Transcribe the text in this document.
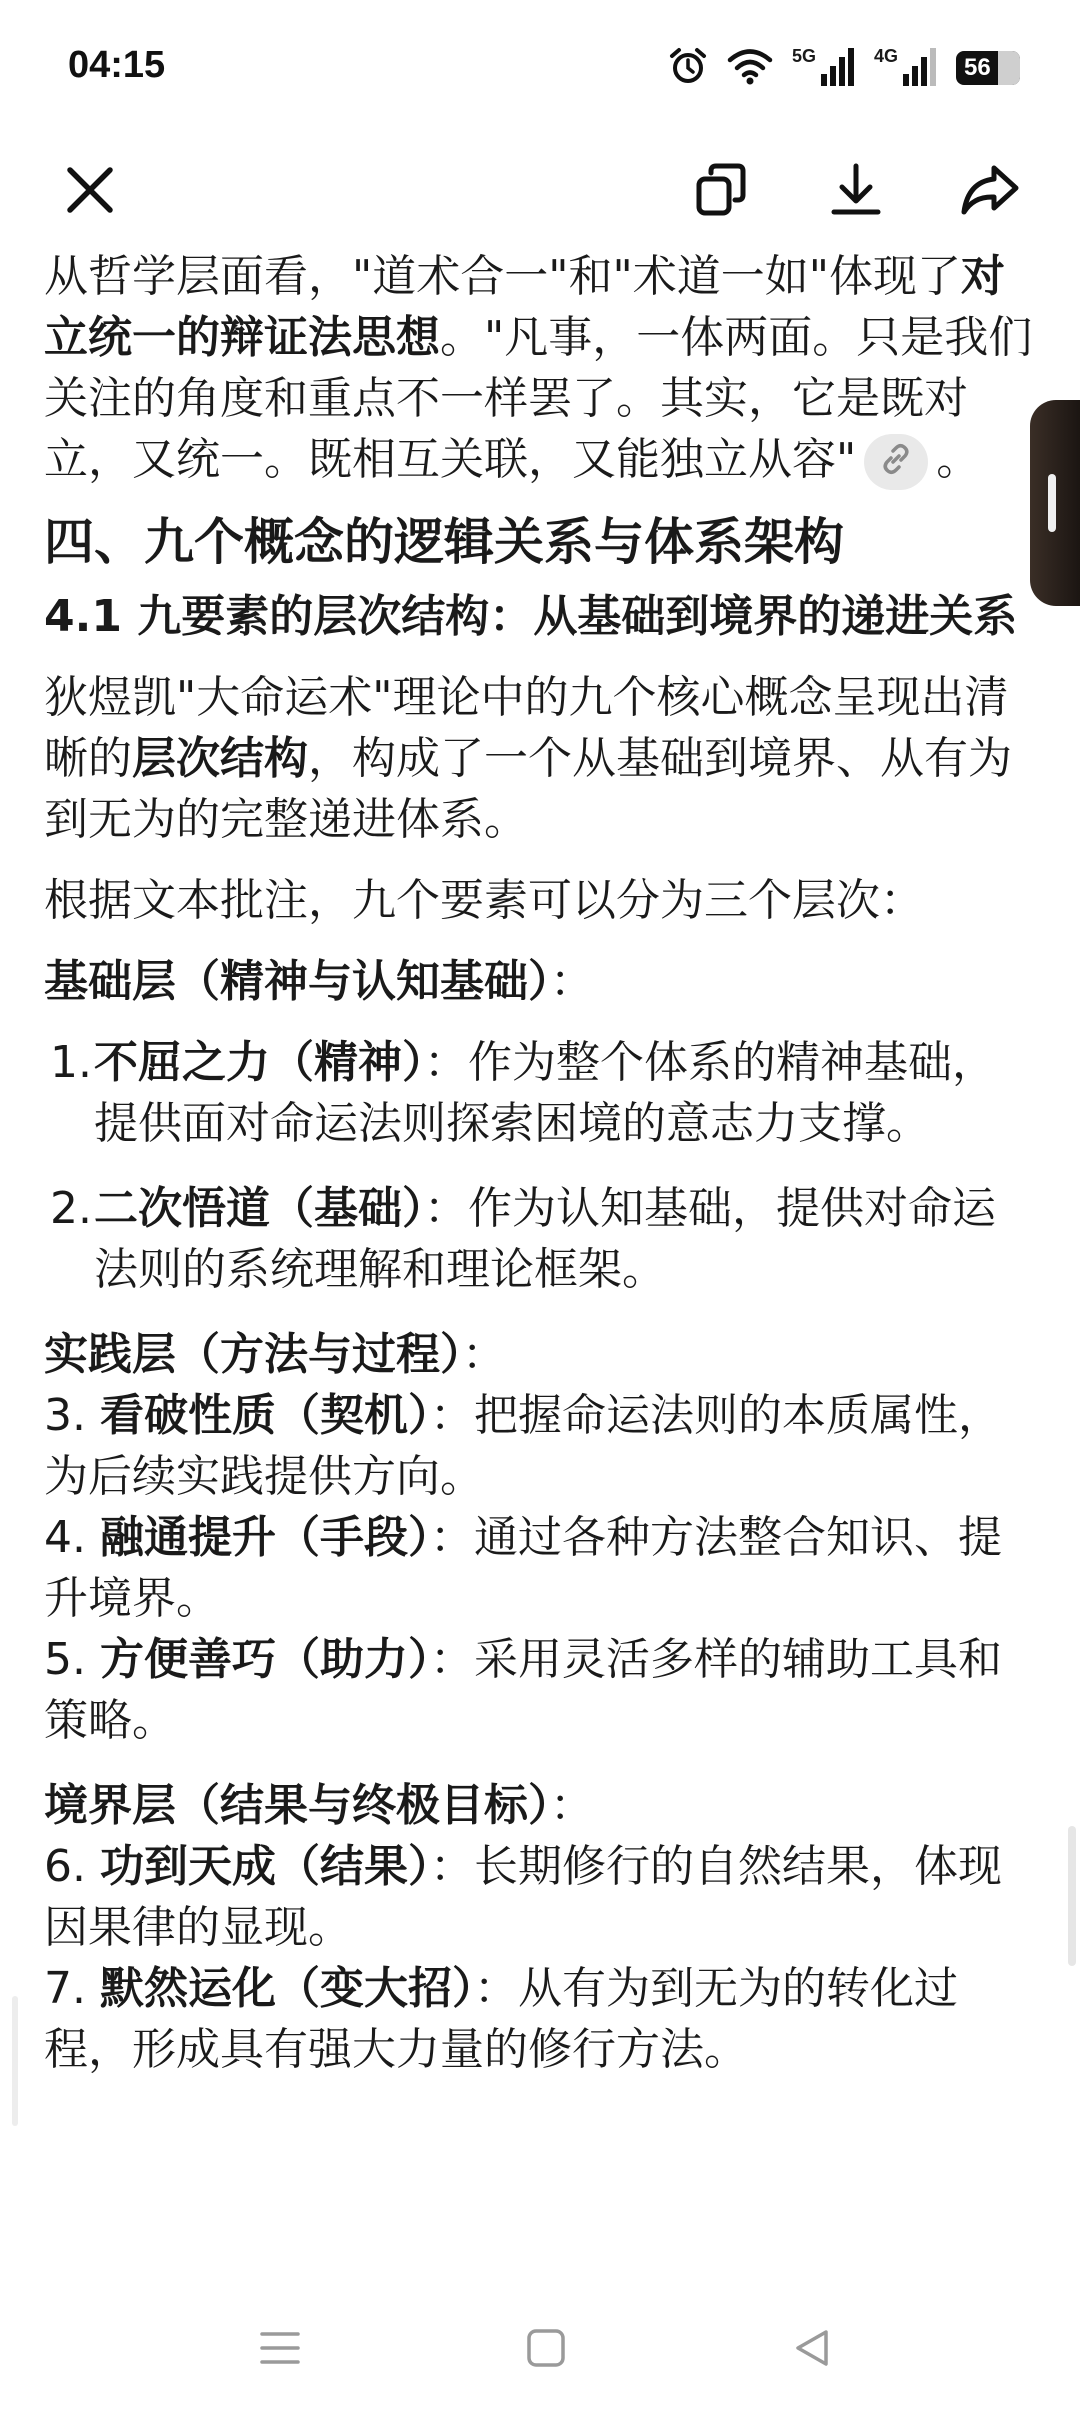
04:15	5G	4G	56

从哲学层面看，"道术合一"和"术道一如"体现了对立统一的辩证法思想。"凡事，一体两面。只是我们关注的角度和重点不一样罢了。其实，它是既对立，又统一。既相互关联，又能独立从容" 。

四、九个概念的逻辑关系与体系架构

4.1 九要素的层次结构：从基础到境界的递进关系

狄煜凯"大命运术"理论中的九个核心概念呈现出清晰的层次结构，构成了一个从基础到境界、从有为到无为的完整递进体系。

根据文本批注，九个要素可以分为三个层次：

基础层（精神与认知基础）：

1. 不屈之力（精神）：作为整个体系的精神基础，提供面对命运法则探索困境的意志力支撑。
2. 二次悟道（基础）：作为认知基础，提供对命运法则的系统理解和理论框架。

实践层（方法与过程）：

3. 看破性质（契机）：把握命运法则的本质属性，为后续实践提供方向。

4. 融通提升（手段）：通过各种方法整合知识、提升境界。

5. 方便善巧（助力）：采用灵活多样的辅助工具和策略。

境界层（结果与终极目标）：

6. 功到天成（结果）：长期修行的自然结果，体现因果律的显现。

7. 默然运化（变大招）：从有为到无为的转化过程，形成具有强大力量的修行方法。
